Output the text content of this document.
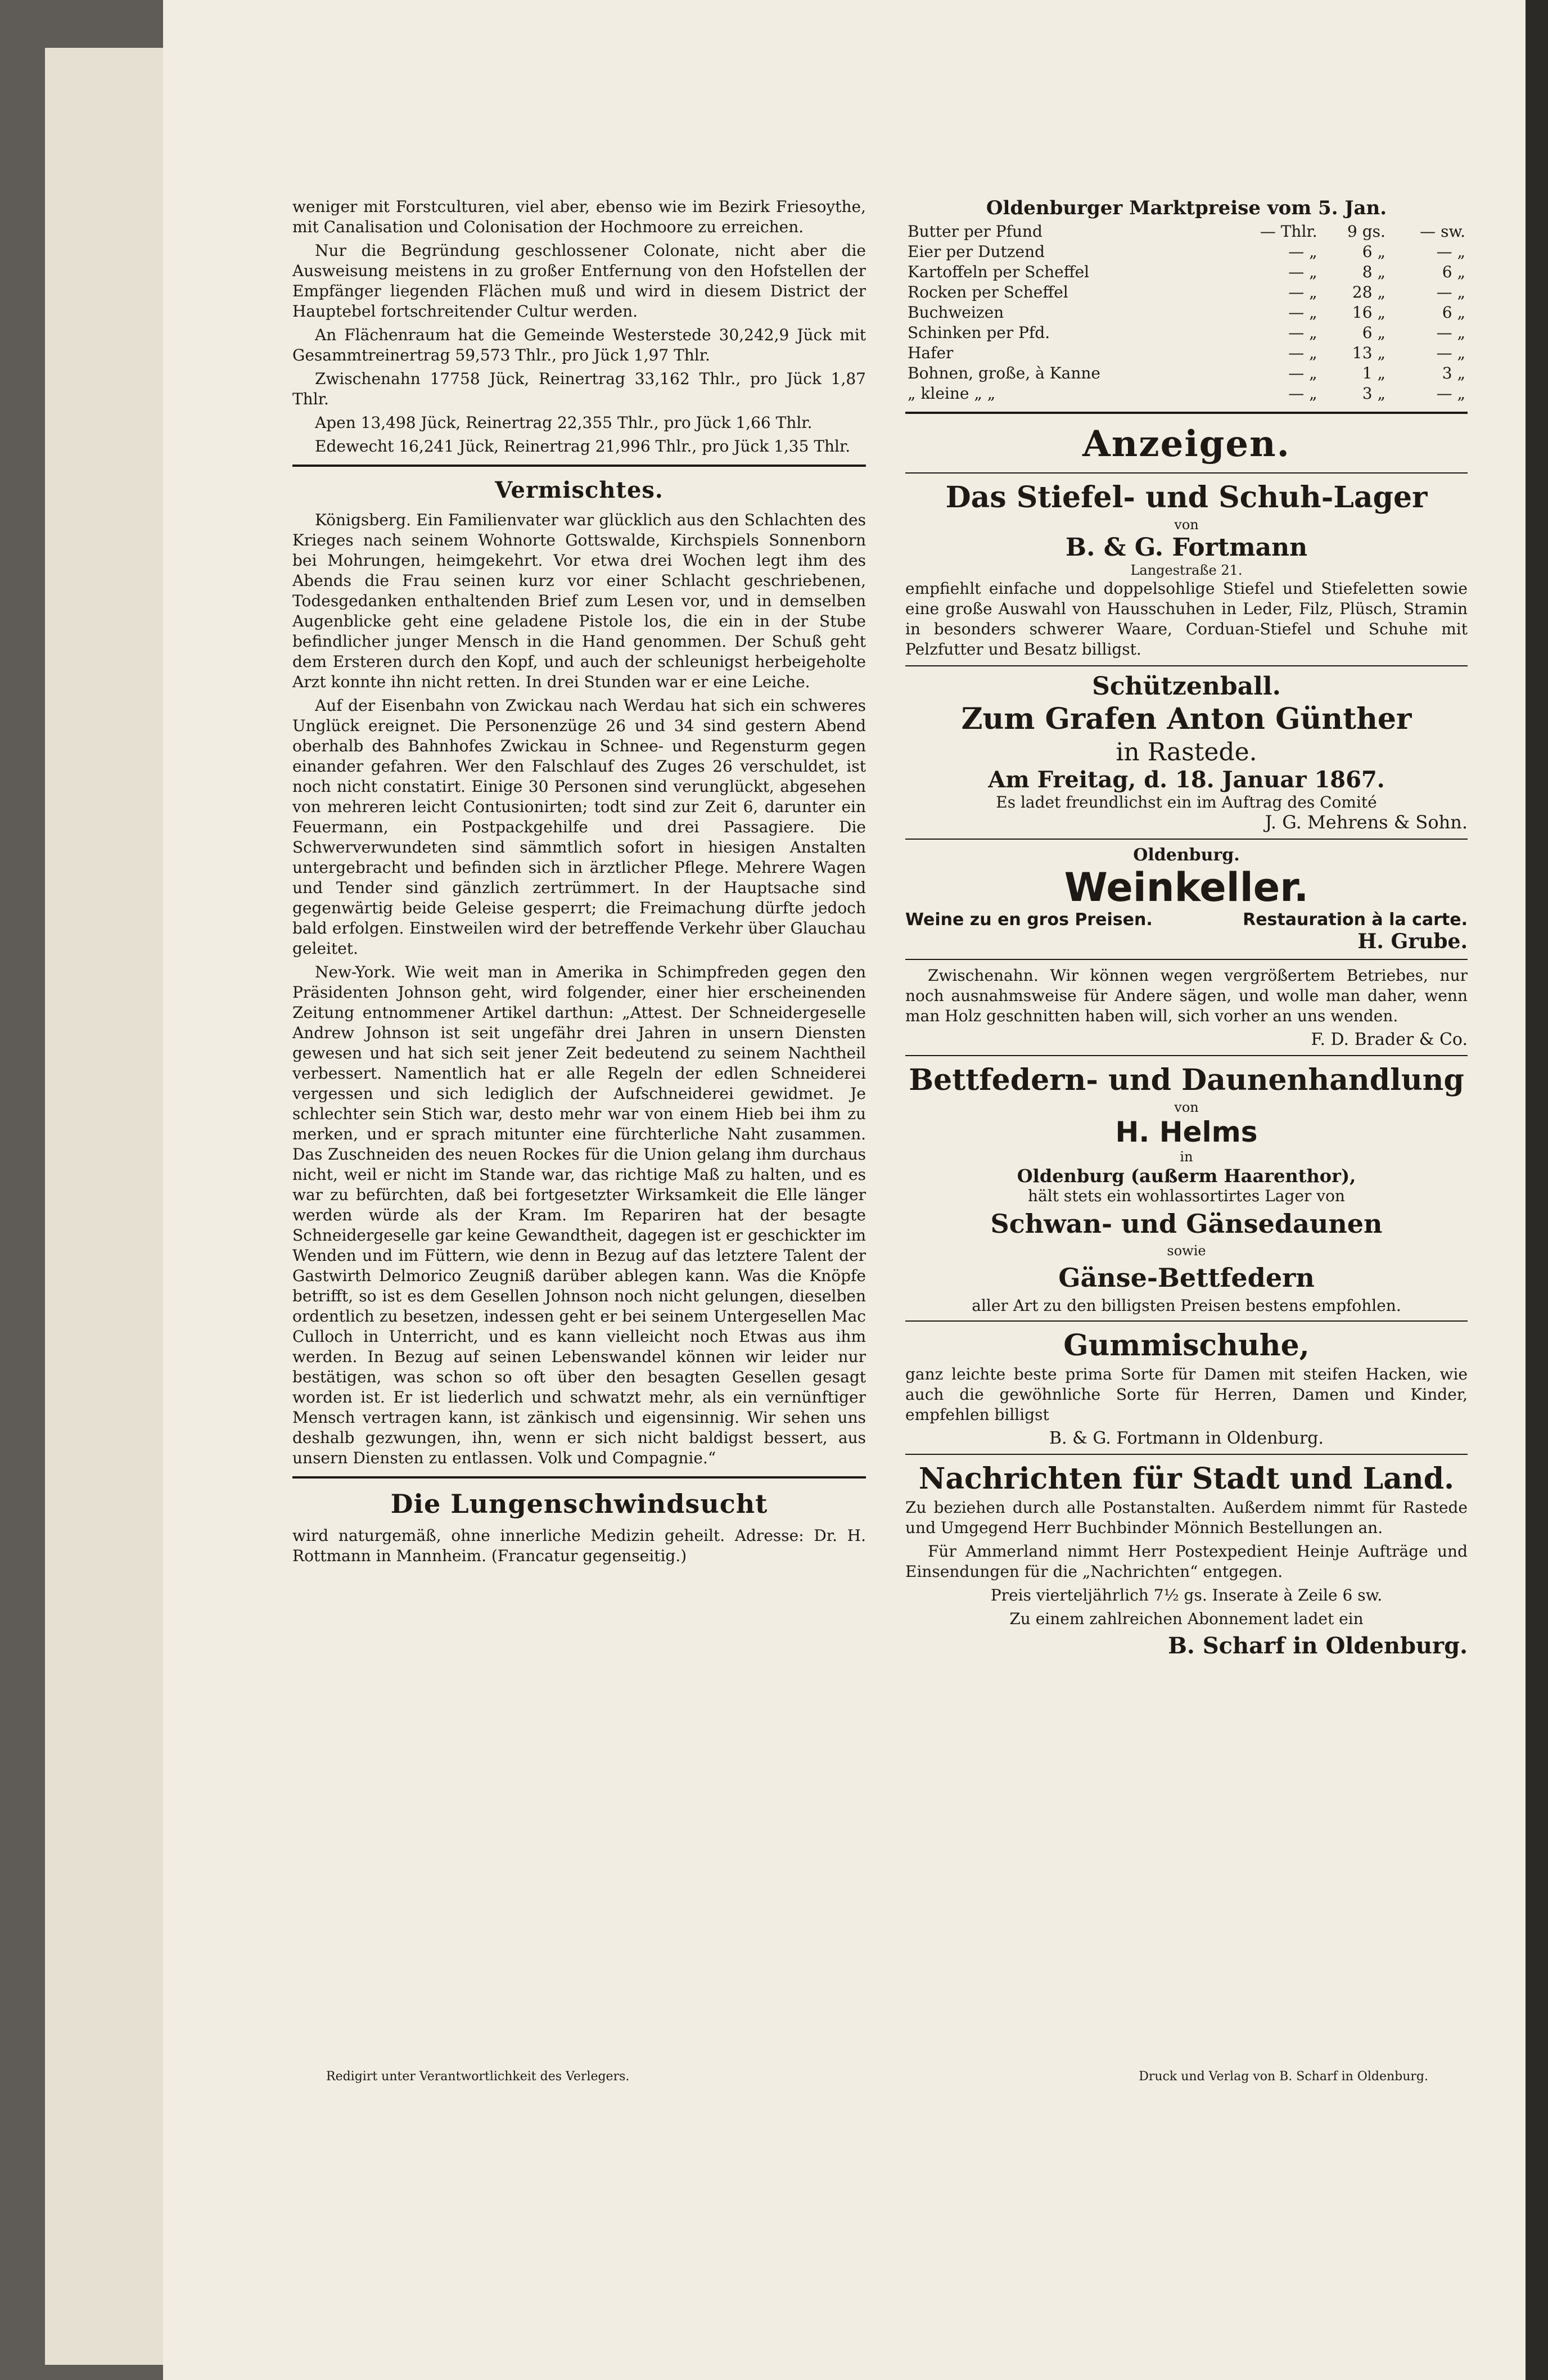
weniger mit Forstculturen, viel aber, ebenso wie im Bezirk Friesoythe, mit Canalisation und Colonisation der Hochmoore zu erreichen.

Nur die Begründung geschlossener Colonate, nicht aber die Ausweisung meistens in zu großer Entfernung von den Hofstellen der Empfänger liegenden Flächen muß und wird in diesem District der Hauptebel fortschreitender Cultur werden.

An Flächenraum hat die Gemeinde Westerstede 30,242,9 Jück mit Gesammtreinertrag 59,573 Thlr., pro Jück 1,97 Thlr.

Zwischenahn 17758 Jück, Reinertrag 33,162 Thlr., pro Jück 1,87 Thlr.

Apen 13,498 Jück, Reinertrag 22,355 Thlr., pro Jück 1,66 Thlr.

Edewecht 16,241 Jück, Reinertrag 21,996 Thlr., pro Jück 1,35 Thlr.

Vermischtes.

Königsberg. Ein Familienvater war glücklich aus den Schlachten des Krieges nach seinem Wohnorte Gottswalde, Kirchspiels Sonnenborn bei Mohrungen, heimgekehrt. Vor etwa drei Wochen legt ihm des Abends die Frau seinen kurz vor einer Schlacht geschriebenen, Todesgedanken enthaltenden Brief zum Lesen vor, und in demselben Augenblicke geht eine geladene Pistole los, die ein in der Stube befindlicher junger Mensch in die Hand genommen. Der Schuß geht dem Ersteren durch den Kopf, und auch der schleunigst herbeigeholte Arzt konnte ihn nicht retten. In drei Stunden war er eine Leiche.

Auf der Eisenbahn von Zwickau nach Werdau hat sich ein schweres Unglück ereignet. Die Personenzüge 26 und 34 sind gestern Abend oberhalb des Bahnhofes Zwickau in Schnee- und Regensturm gegen einander gefahren. Wer den Falschlauf des Zuges 26 verschuldet, ist noch nicht constatirt. Einige 30 Personen sind verunglückt, abgesehen von mehreren leicht Contusionirten; todt sind zur Zeit 6, darunter ein Feuermann, ein Postpackgehilfe und drei Passagiere. Die Schwerverwundeten sind sämmtlich sofort in hiesigen Anstalten untergebracht und befinden sich in ärztlicher Pflege. Mehrere Wagen und Tender sind gänzlich zertrümmert. In der Hauptsache sind gegenwärtig beide Geleise gesperrt; die Freimachung dürfte jedoch bald erfolgen. Einstweilen wird der betreffende Verkehr über Glauchau geleitet.

New-York. Wie weit man in Amerika in Schimpfreden gegen den Präsidenten Johnson geht, wird folgender, einer hier erscheinenden Zeitung entnommener Artikel darthun: „Attest. Der Schneidergeselle Andrew Johnson ist seit ungefähr drei Jahren in unsern Diensten gewesen und hat sich seit jener Zeit bedeutend zu seinem Nachtheil verbessert. Namentlich hat er alle Regeln der edlen Schneiderei vergessen und sich lediglich der Aufschneiderei gewidmet. Je schlechter sein Stich war, desto mehr war von einem Hieb bei ihm zu merken, und er sprach mitunter eine fürchterliche Naht zusammen. Das Zuschneiden des neuen Rockes für die Union gelang ihm durchaus nicht, weil er nicht im Stande war, das richtige Maß zu halten, und es war zu befürchten, daß bei fortgesetzter Wirksamkeit die Elle länger werden würde als der Kram. Im Repariren hat der besagte Schneidergeselle gar keine Gewandtheit, dagegen ist er geschickter im Wenden und im Füttern, wie denn in Bezug auf das letztere Talent der Gastwirth Delmorico Zeugniß darüber ablegen kann. Was die Knöpfe betrifft, so ist es dem Gesellen Johnson noch nicht gelungen, dieselben ordentlich zu besetzen, indessen geht er bei seinem Untergesellen Mac Culloch in Unterricht, und es kann vielleicht noch Etwas aus ihm werden. In Bezug auf seinen Lebenswandel können wir leider nur bestätigen, was schon so oft über den besagten Gesellen gesagt worden ist. Er ist liederlich und schwatzt mehr, als ein vernünftiger Mensch vertragen kann, ist zänkisch und eigensinnig. Wir sehen uns deshalb gezwungen, ihn, wenn er sich nicht baldigst bessert, aus unsern Diensten zu entlassen. Volk und Compagnie.“

Die Lungenschwindsucht

wird naturgemäß, ohne innerliche Medizin geheilt. Adresse: Dr. H. Rottmann in Mannheim. (Francatur gegenseitig.)

Oldenburger Marktpreise vom 5. Jan.
Butter per Pfund	— Thlr.	9 gs.	— sw.
Eier per Dutzend	— „	6 „	— „
Kartoffeln per Scheffel	— „	8 „	6 „
Rocken per Scheffel	— „	28 „	— „
Buchweizen	— „	16 „	6 „
Schinken per Pfd.	— „	6 „	— „
Hafer	— „	13 „	— „
Bohnen, große, à Kanne	— „	1 „	3 „
„ kleine „ „	— „	3 „	— „
Anzeigen.
Das Stiefel- und Schuh-Lager
von
B. & G. Fortmann
Langestraße 21.

empfiehlt einfache und doppelsohlige Stiefel und Stiefeletten sowie eine große Auswahl von Hausschuhen in Leder, Filz, Plüsch, Stramin in besonders schwerer Waare, Corduan-Stiefel und Schuhe mit Pelzfutter und Besatz billigst.

Schützenball.
Zum Grafen Anton Günther
in Rastede.
Am Freitag, d. 18. Januar 1867.
Es ladet freundlichst ein im Auftrag des Comité
J. G. Mehrens & Sohn.
Oldenburg.
Weinkeller.
Weine zu en gros Preisen.	Restauration à la carte.
H. Grube.

Zwischenahn. Wir können wegen vergrößertem Betriebes, nur noch ausnahmsweise für Andere sägen, und wolle man daher, wenn man Holz geschnitten haben will, sich vorher an uns wenden.

F. D. Brader & Co.
Bettfedern- und Daunenhandlung
von
H. Helms
in
Oldenburg (außerm Haarenthor),
hält stets ein wohlassortirtes Lager von
Schwan- und Gänsedaunen
sowie
Gänse-Bettfedern
aller Art zu den billigsten Preisen bestens empfohlen.
Gummischuhe,

ganz leichte beste prima Sorte für Damen mit steifen Hacken, wie auch die gewöhnliche Sorte für Herren, Damen und Kinder, empfehlen billigst

B. & G. Fortmann in Oldenburg.
Nachrichten für Stadt und Land.

Zu beziehen durch alle Postanstalten. Außerdem nimmt für Rastede und Umgegend Herr Buchbinder Mönnich Bestellungen an.

Für Ammerland nimmt Herr Postexpedient Heinje Aufträge und Einsendungen für die „Nachrichten“ entgegen.

Preis vierteljährlich 7½ gs. Inserate à Zeile 6 sw.

Zu einem zahlreichen Abonnement ladet ein

B. Scharf in Oldenburg.
Redigirt unter Verantwortlichkeit des Verlegers.	Druck und Verlag von B. Scharf in Oldenburg.
